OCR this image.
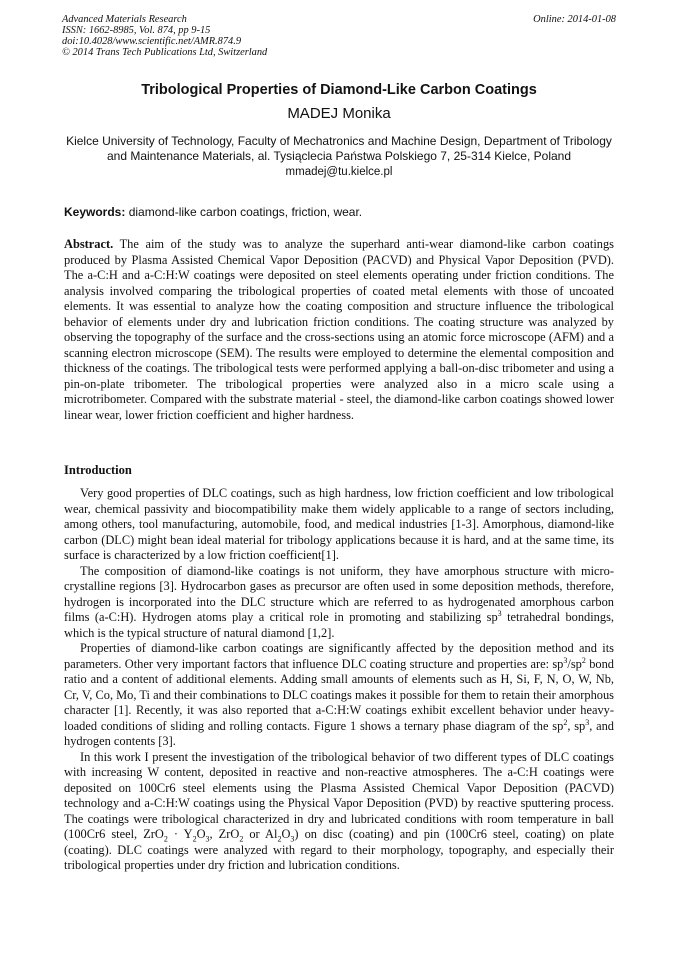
Advanced Materials Research
ISSN: 1662-8985, Vol. 874, pp 9-15
doi:10.4028/www.scientific.net/AMR.874.9
© 2014 Trans Tech Publications Ltd, Switzerland
Online: 2014-01-08
Tribological Properties of Diamond-Like Carbon Coatings
MADEJ Monika
Kielce University of Technology, Faculty of Mechatronics and Machine Design, Department of Tribology and Maintenance Materials, al. Tysiąclecia Państwa Polskiego 7, 25-314 Kielce, Poland
mmadej@tu.kielce.pl
Keywords: diamond-like carbon coatings, friction, wear.

Abstract. The aim of the study was to analyze the superhard anti-wear diamond-like carbon coatings produced by Plasma Assisted Chemical Vapor Deposition (PACVD) and Physical Vapor Deposition (PVD). The a-C:H and a-C:H:W coatings were deposited on steel elements operating under friction conditions. The analysis involved comparing the tribological properties of coated metal elements with those of uncoated elements. It was essential to analyze how the coating composition and structure influence the tribological behavior of elements under dry and lubrication friction conditions. The coating structure was analyzed by observing the topography of the surface and the cross-sections using an atomic force microscope (AFM) and a scanning electron microscope (SEM). The results were employed to determine the elemental composition and thickness of the coatings. The tribological tests were performed applying a ball-on-disc tribometer and using a pin-on-plate tribometer. The tribological properties were analyzed also in a micro scale using a microtribometer. Compared with the substrate material - steel, the diamond-like carbon coatings showed lower linear wear, lower friction coefficient and higher hardness.

Introduction

Very good properties of DLC coatings, such as high hardness, low friction coefficient and low tribological wear, chemical passivity and biocompatibility make them widely applicable to a range of sectors including, among others, tool manufacturing, automobile, food, and medical industries [1-3]. Amorphous, diamond-like carbon (DLC) might bean ideal material for tribology applications because it is hard, and at the same time, its surface is characterized by a low friction coefficient[1].

The composition of diamond-like coatings is not uniform, they have amorphous structure with micro-crystalline regions [3]. Hydrocarbon gases as precursor are often used in some deposition methods, therefore, hydrogen is incorporated into the DLC structure which are referred to as hydrogenated amorphous carbon films (a-C:H). Hydrogen atoms play a critical role in promoting and stabilizing $sp^3$ tetrahedral bondings, which is the typical structure of natural diamond [1,2].

Properties of diamond-like carbon coatings are significantly affected by the deposition method and its parameters. Other very important factors that influence DLC coating structure and properties are: $sp^3/sp^2$ bond ratio and a content of additional elements. Adding small amounts of elements such as H, Si, F, N, O, W, Nb, Cr, V, Co, Mo, Ti and their combinations to DLC coatings makes it possible for them to retain their amorphous character [1]. Recently, it was also reported that a-C:H:W coatings exhibit excellent behavior under heavy-loaded conditions of sliding and rolling contacts. Figure 1 shows a ternary phase diagram of the $sp^2$, $sp^3$, and hydrogen contents [3].

In this work I present the investigation of the tribological behavior of two different types of DLC coatings with increasing W content, deposited in reactive and non-reactive atmospheres. The a-C:H coatings were deposited on 100Cr6 steel elements using the Plasma Assisted Chemical Vapor Deposition (PACVD) technology and a-C:H:W coatings using the Physical Vapor Deposition (PVD) by reactive sputtering process. The coatings were tribological characterized in dry and lubricated conditions with room temperature in ball (100Cr6 steel, $ZrO_2 \cdot Y_2O_3$, ZrO$_2$ or $Al_2O_3$) on disc (coating) and pin (100Cr6 steel, coating) on plate (coating). DLC coatings were analyzed with regard to their morphology, topography, and especially their tribological properties under dry friction and lubrication conditions.
